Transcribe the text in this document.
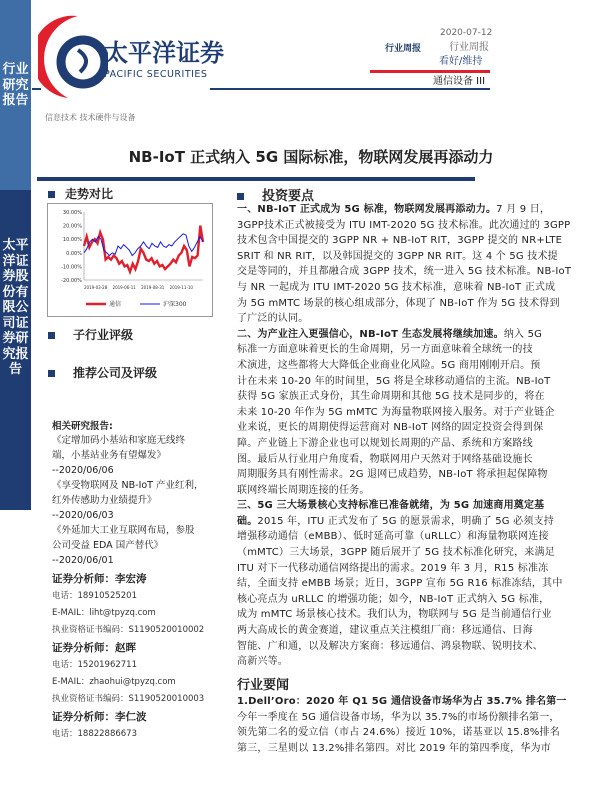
行业研究报告
太平洋证券股份有限公司证券研究报告
太平洋证券
PACIFIC SECURITIES
2020-07-12
行业周报	行业周报
看好/维持
通信设备 III
信息技术 技术硬件与设备
NB-IoT 正式纳入 5G 国际标准，物联网发展再添动力
走势对比
30.00%
20.00%
10.00%
0.00%
-10.00%
-20.00%
2019-03-28 2019-06-11 2019-08-31 2019-11-10
通信	沪深300
子行业评级
推荐公司及评级
相关研究报告:
《定增加码小基站和家庭无线终
端，小基站业务有望爆发》
--2020/06/06
《享受物联网及 NB-IoT 产业红利，
红外传感助力业绩提升》
--2020/06/03
《外延加大工业互联网布局，参股
公司受益 EDA 国产替代》
--2020/06/01
证券分析师：李宏涛
电话：18910525201
E-MAIL：liht@tpyzq.com
执业资格证书编码：S1190520010002
证券分析师：赵晖
电话：15201962711
E-MAIL：zhaohui@tpyzq.com
执业资格证书编码：S1190520010003
证券分析师：李仁波
电话：18822886673
投资要点
一、NB-IoT 正式成为 5G 标准，物联网发展再添动力。7 月 9 日，
3GPP技术正式被接受为 ITU IMT-2020 5G 技术标准。此次通过的 3GPP
技术包含中国提交的 3GPP NR + NB-IoT RIT，3GPP 提交的 NR+LTE
SRIT 和 NR RIT，以及韩国提交的 3GPP NR RIT。这 4 个 5G 技术提
交是等同的，并且都融合成 3GPP 技术，统一进入 5G 技术标准。NB-IoT
与 NR 一起成为 ITU IMT-2020 5G 技术标准，意味着 NB-IoT 正式成
为 5G mMTC 场景的核心组成部分，体现了 NB-IoT 作为 5G 技术得到
了广泛的认同。
二、为产业注入更强信心，NB-IoT 生态发展将继续加速。纳入 5G
标准一方面意味着更长的生命周期，另一方面意味着全球统一的技
术演进，这些都将大大降低企业商业化风险。5G 商用刚刚开启。预
计在未来 10-20 年的时间里，5G 将是全球移动通信的主流。NB-IoT
获得 5G 家族正式身份，其生命周期和其他 5G 技术是同步的，将在
未来 10-20 年作为 5G mMTC 为海量物联网接入服务。对于产业链企
业来说，更长的周期使得运营商对 NB-IoT 网络的固定投资会得到保
障。产业链上下游企业也可以规划长周期的产品、系统和方案路线
图。最后从行业用户角度看，物联网用户天然对于网络基础设施长
周期服务具有刚性需求。2G 退网已成趋势，NB-IoT 将承担起保障物
联网终端长周期连接的任务。
三、5G 三大场景核心支持标准已准备就绪，为 5G 加速商用奠定基
础。2015 年，ITU 正式发布了 5G 的愿景需求，明确了 5G 必须支持
增强移动通信（eMBB）、低时延高可靠（uRLLC）和海量物联网连接
（mMTC）三大场景，3GPP 随后展开了 5G 技术标准化研究，来满足
ITU 对下一代移动通信网络提出的需求。2019 年 3 月，R15 标准冻
结，全面支持 eMBB 场景；近日，3GPP 宣布 5G R16 标准冻结，其中
核心亮点为 uRLLC 的增强功能；如今，NB-IoT 正式纳入 5G 标准，
成为 mMTC 场景核心技术。我们认为，物联网与 5G 是当前通信行业
两大高成长的黄金赛道，建议重点关注模组厂商：移远通信、日海
智能、广和通，以及解决方案商：移远通信、鸿泉物联、锐明技术、
高新兴等。
行业要闻
1.Dell’Oro：2020 年 Q1 5G 通信设备市场华为占 35.7% 排名第一
今年一季度在 5G 通信设备市场，华为以 35.7%的市场份额排名第一，
领先第二名的爱立信（市占 24.6%）接近 10%，诺基亚以 15.8%排名
第三，三星则以 13.2%排名第四。对比 2019 年的第四季度，华为市
